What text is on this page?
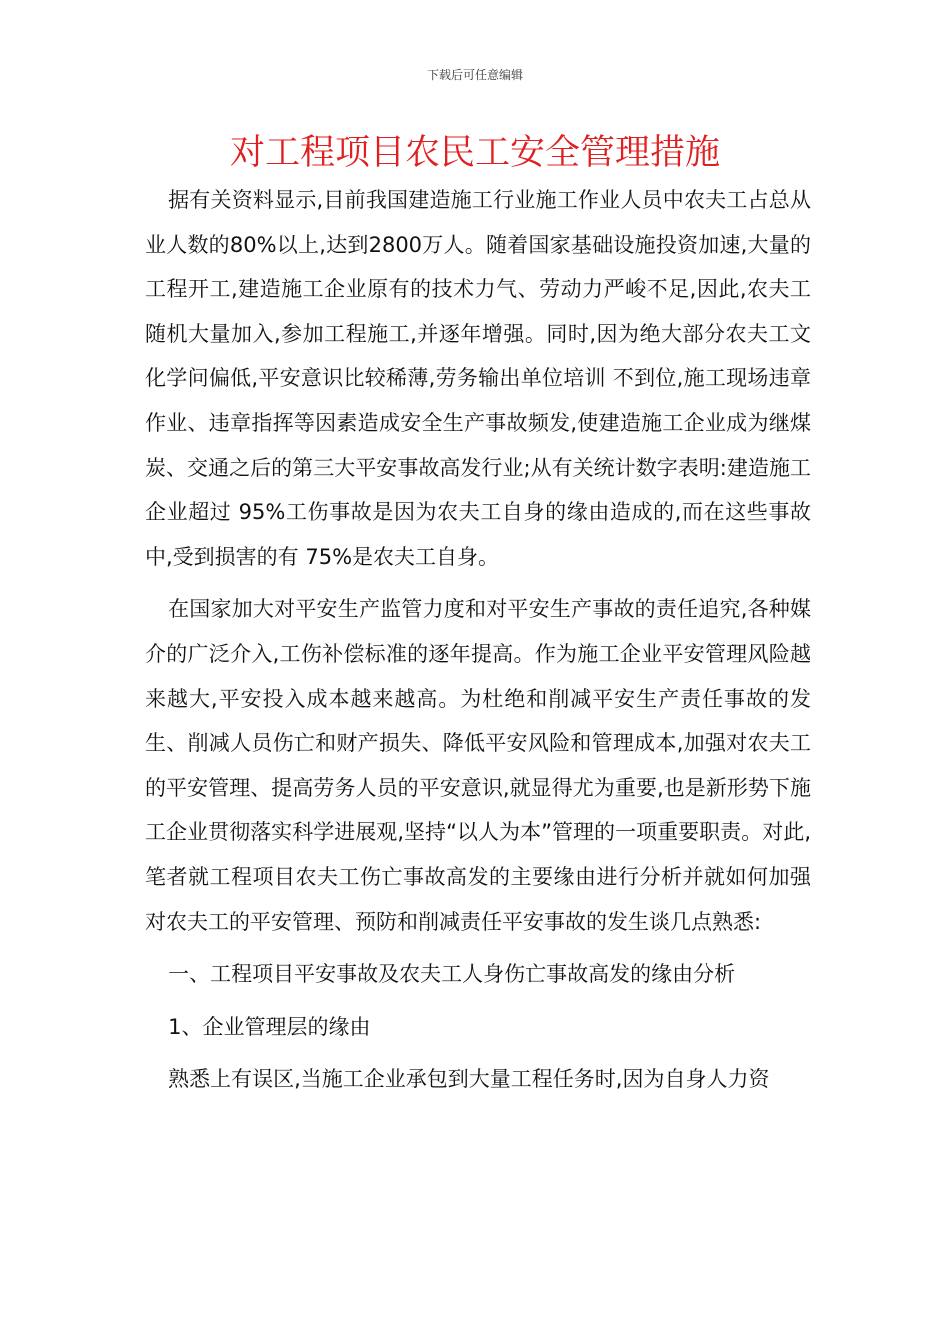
下载后可任意编辑
对工程项目农民工安全管理措施

据有关资料显示,目前我国建造施工行业施工作业人员中农夫工占总从业人数的80%以上,达到2800万人。随着国家基础设施投资加速,大量的工程开工,建造施工企业原有的技术力气、劳动力严峻不足,因此,农夫工随机大量加入,参加工程施工,并逐年增强。同时,因为绝大部分农夫工文化学问偏低,平安意识比较稀薄,劳务输出单位培训 不到位,施工现场违章作业、违章指挥等因素造成安全生产事故频发,使建造施工企业成为继煤炭、交通之后的第三大平安事故高发行业;从有关统计数字表明:建造施工企业超过 95%工伤事故是因为农夫工自身的缘由造成的,而在这些事故中,受到损害的有 75%是农夫工自身。

在国家加大对平安生产监管力度和对平安生产事故的责任追究,各种媒介的广泛介入,工伤补偿标准的逐年提高。作为施工企业平安管理风险越来越大,平安投入成本越来越高。为杜绝和削减平安生产责任事故的发生、削减人员伤亡和财产损失、降低平安风险和管理成本,加强对农夫工的平安管理、提高劳务人员的平安意识,就显得尤为重要,也是新形势下施工企业贯彻落实科学进展观,坚持“以人为本”管理的一项重要职责。对此,笔者就工程项目农夫工伤亡事故高发的主要缘由进行分析并就如何加强对农夫工的平安管理、预防和削减责任平安事故的发生谈几点熟悉:

一、工程项目平安事故及农夫工人身伤亡事故高发的缘由分析

1、企业管理层的缘由

熟悉上有误区,当施工企业承包到大量工程任务时,因为自身人力资
